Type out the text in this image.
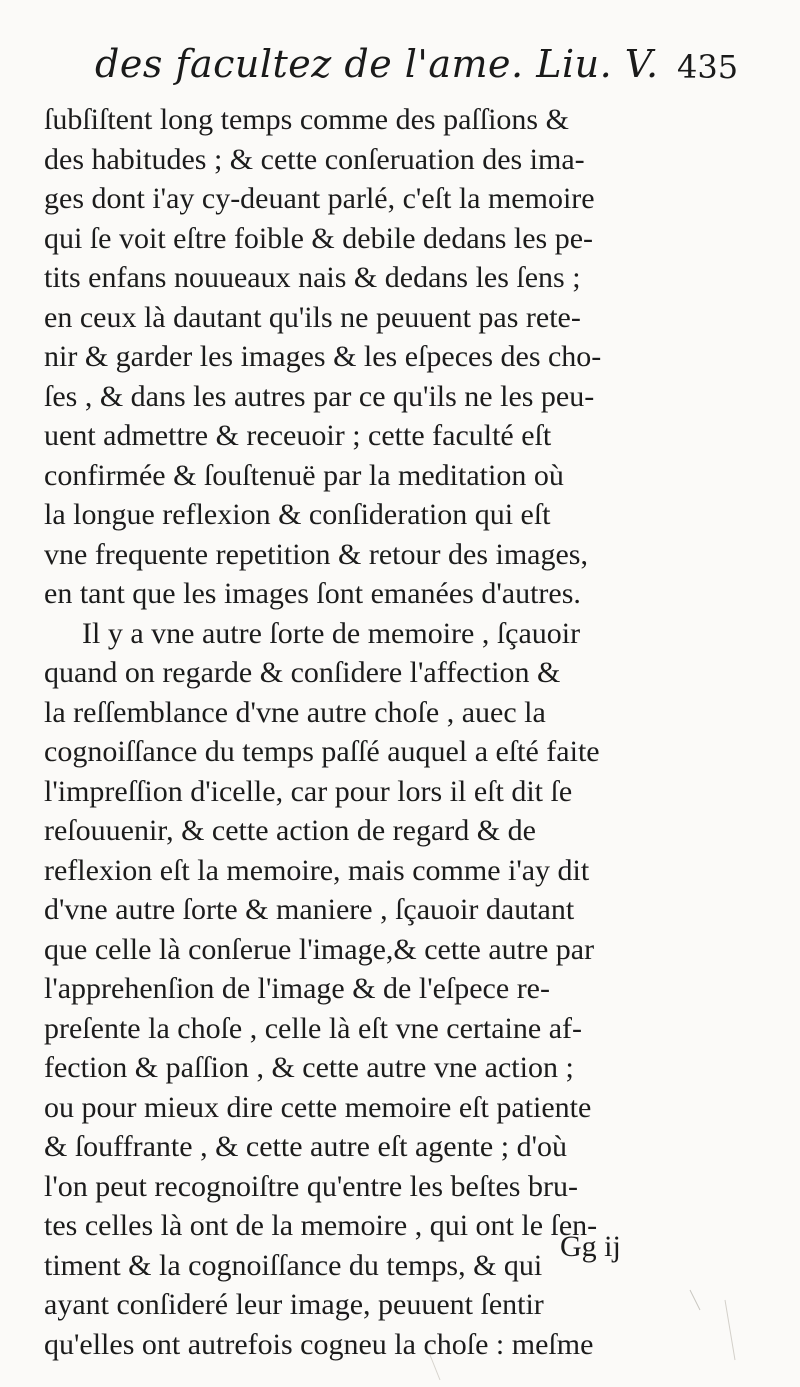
des facultez de l'ame. Liu. V. 435
ſubſiſtent long temps comme des paſſions &
des habitudes ; & cette conſeruation des ima-
ges dont i'ay cy-deuant parlé, c'eſt la memoire
qui ſe voit eſtre foible & debile dedans les pe-
tits enfans nouueaux nais & dedans les ſens ;
en ceux là dautant qu'ils ne peuuent pas rete-
nir & garder les images & les eſpeces des cho-
ſes , & dans les autres par ce qu'ils ne les peu-
uent admettre & receuoir ; cette faculté eſt
confirmée & ſouſtenuë par la meditation où
la longue reflexion & conſideration qui eſt
vne frequente repetition & retour des images,
en tant que les images ſont emanées d'autres.
Il y a vne autre ſorte de memoire , ſçauoir
quand on regarde & conſidere l'affection &
la reſſemblance d'vne autre choſe , auec la
cognoiſſance du temps paſſé auquel a eſté faite
l'impreſſion d'icelle, car pour lors il eſt dit ſe
reſouuenir, & cette action de regard & de
reflexion eſt la memoire, mais comme i'ay dit
d'vne autre ſorte & maniere , ſçauoir dautant
que celle là conſerue l'image,& cette autre par
l'apprehenſion de l'image & de l'eſpece re-
preſente la choſe , celle là eſt vne certaine af-
fection & paſſion , & cette autre vne action ;
ou pour mieux dire cette memoire eſt patiente
& ſouffrante , & cette autre eſt agente ; d'où
l'on peut recognoiſtre qu'entre les beſtes bru-
tes celles là ont de la memoire , qui ont le ſen-
timent & la cognoiſſance du temps, & qui
ayant conſideré leur image, peuuent ſentir
qu'elles ont autrefois cogneu la choſe : meſme
Gg ij
